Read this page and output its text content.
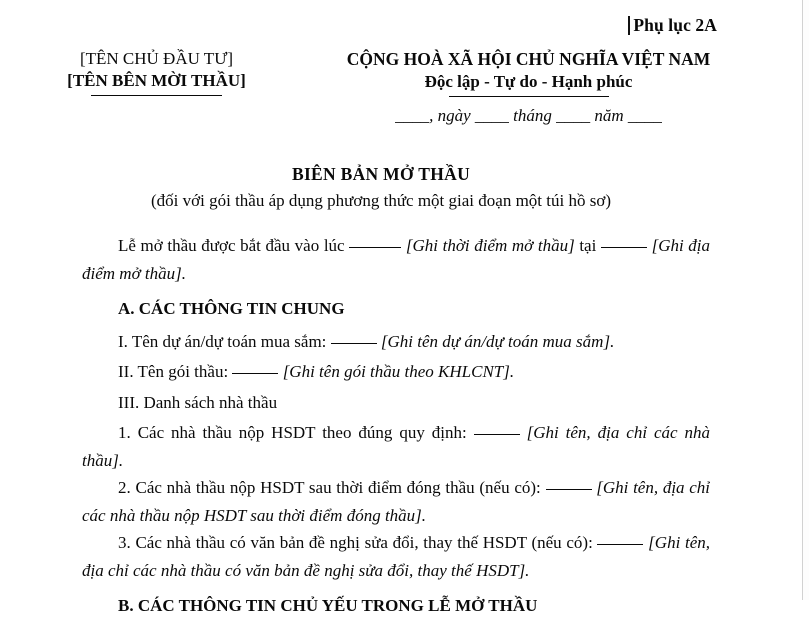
Phụ lục 2A
[TÊN CHỦ ĐẦU TƯ]
[TÊN BÊN MỜI THẦU]
CỘNG HOÀ XÃ HỘI CHỦ NGHĨA VIỆT NAM
Độc lập - Tự do - Hạnh phúc
____, ngày ____ tháng ____ năm ____
BIÊN BẢN MỞ THẦU
(đối với gói thầu áp dụng phương thức một giai đoạn một túi hồ sơ)

Lễ mở thầu được bắt đầu vào lúc	[Ghi thời điểm mở thầu] tại	[Ghi địa điểm mở thầu].

A. CÁC THÔNG TIN CHUNG

I. Tên dự án/dự toán mua sắm:	[Ghi tên dự án/dự toán mua sắm].

II. Tên gói thầu:	[Ghi tên gói thầu theo KHLCNT].

III. Danh sách nhà thầu

1. Các nhà thầu nộp HSDT theo đúng quy định:	[Ghi tên, địa chỉ các nhà thầu].

2. Các nhà thầu nộp HSDT sau thời điểm đóng thầu (nếu có):	[Ghi tên, địa chỉ các nhà thầu nộp HSDT sau thời điểm đóng thầu].

3. Các nhà thầu có văn bản đề nghị sửa đổi, thay thế HSDT (nếu có):	[Ghi tên, địa chỉ các nhà thầu có văn bản đề nghị sửa đổi, thay thế HSDT].

B. CÁC THÔNG TIN CHỦ YẾU TRONG LỄ MỞ THẦU
